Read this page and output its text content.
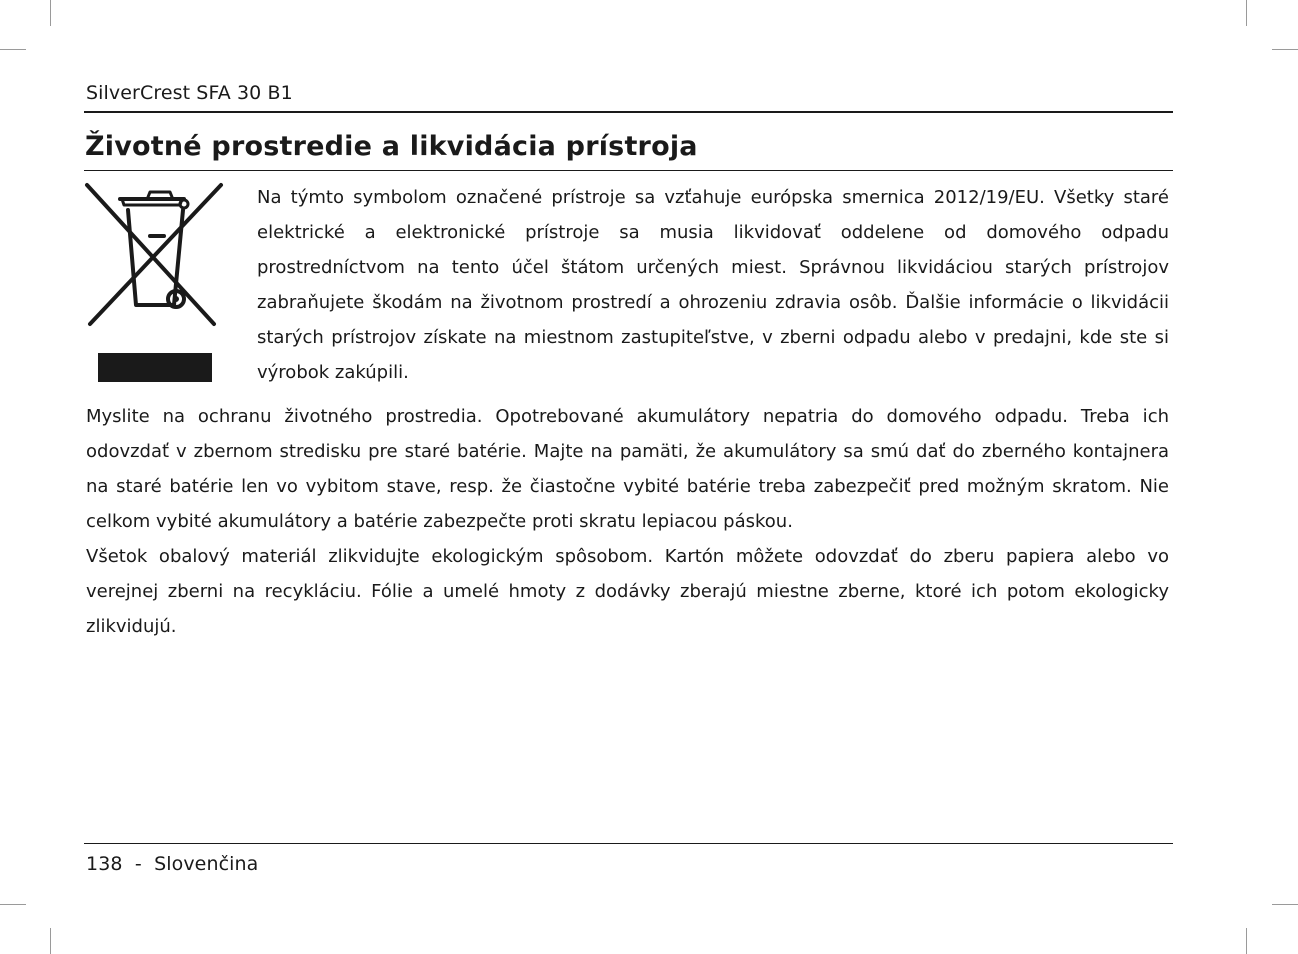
SilverCrest SFA 30 B1
Životné prostredie a likvidácia prístroja

Na týmto symbolom označené prístroje sa vzťahuje európska smernica 2012/19/EU. Všetky staré elektrické a elektronické prístroje sa musia likvidovať oddelene od domového odpadu prostredníctvom na tento účel štátom určených miest. Správnou likvidáciou starých prístrojov zabraňujete škodám na životnom prostredí a ohrozeniu zdravia osôb. Ďalšie informácie o likvidácii starých prístrojov získate na miestnom zastupiteľstve, v zberni odpadu alebo v predajni, kde ste si výrobok zakúpili.

Myslite na ochranu životného prostredia. Opotrebované akumulátory nepatria do domového odpadu. Treba ich odovzdať v zbernom stredisku pre staré batérie. Majte na pamäti, že akumulátory sa smú dať do zberného kontajnera na staré batérie len vo vybitom stave, resp. že čiastočne vybité batérie treba zabezpečiť pred možným skratom. Nie celkom vybité akumulátory a batérie zabezpečte proti skratu lepiacou páskou.

Všetok obalový materiál zlikvidujte ekologickým spôsobom. Kartón môžete odovzdať do zberu papiera alebo vo verejnej zberni na recykláciu. Fólie a umelé hmoty z dodávky zberajú miestne zberne, ktoré ich potom ekologicky zlikvidujú.

138  -  Slovenčina
